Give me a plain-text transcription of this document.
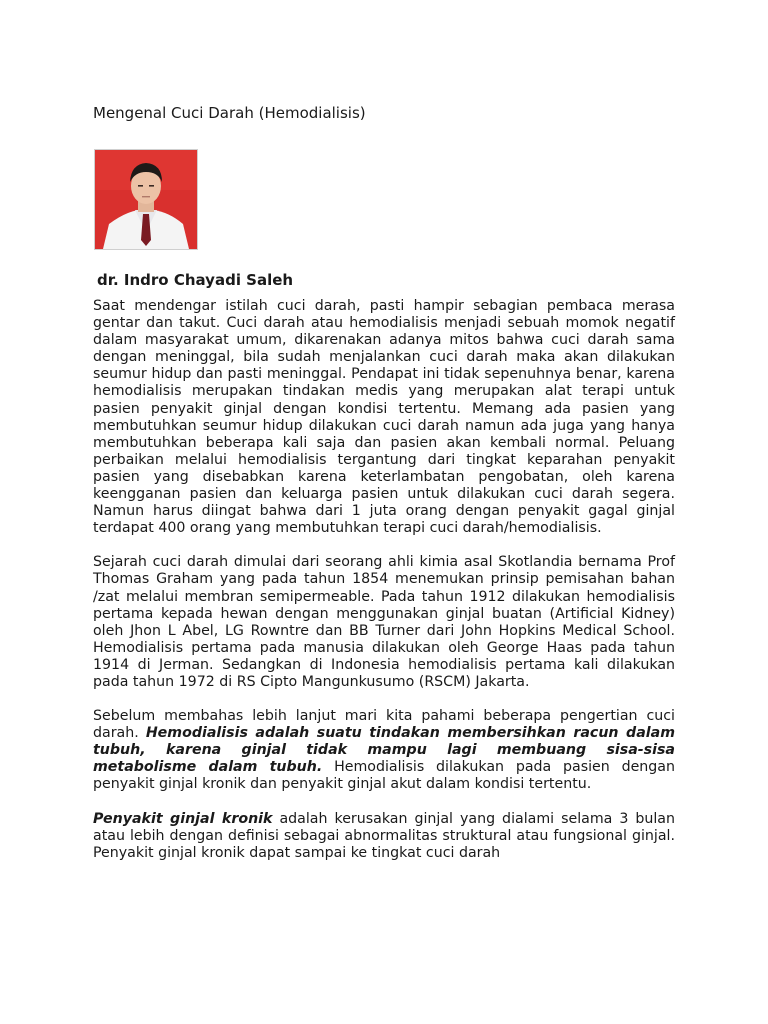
Mengenal Cuci Darah (Hemodialisis)

dr. Indro Chayadi Saleh

Saat mendengar istilah cuci darah, pasti hampir sebagian pembaca merasa gentar dan takut. Cuci darah atau hemodialisis menjadi sebuah momok negatif dalam masyarakat umum, dikarenakan adanya mitos bahwa cuci darah sama dengan meninggal, bila sudah menjalankan cuci darah maka akan dilakukan seumur hidup dan pasti meninggal. Pendapat ini tidak sepenuhnya benar, karena hemodialisis merupakan tindakan medis yang merupakan alat terapi untuk pasien penyakit ginjal dengan kondisi tertentu. Memang ada pasien yang membutuhkan seumur hidup dilakukan cuci darah namun ada juga yang hanya membutuhkan beberapa kali saja dan pasien akan kembali normal. Peluang perbaikan melalui hemodialisis tergantung dari tingkat keparahan penyakit pasien yang disebabkan karena keterlambatan pengobatan, oleh karena keengganan pasien dan keluarga pasien untuk dilakukan cuci darah segera. Namun harus diingat bahwa dari 1 juta orang dengan penyakit gagal ginjal terdapat 400 orang yang membutuhkan terapi cuci darah/hemodialisis.

Sejarah cuci darah dimulai dari seorang ahli kimia asal Skotlandia bernama Prof Thomas Graham yang pada tahun 1854 menemukan prinsip pemisahan bahan /zat melalui membran semipermeable. Pada tahun 1912 dilakukan hemodialisis pertama kepada hewan dengan menggunakan ginjal buatan (Artificial Kidney) oleh Jhon L Abel, LG Rowntre dan BB Turner dari John Hopkins Medical School. Hemodialisis pertama pada manusia dilakukan oleh George Haas pada tahun 1914 di Jerman. Sedangkan di Indonesia hemodialisis pertama kali dilakukan pada tahun 1972 di RS Cipto Mangunkusumo (RSCM) Jakarta.

Sebelum membahas lebih lanjut mari kita pahami beberapa pengertian cuci darah. Hemodialisis adalah suatu tindakan membersihkan racun dalam tubuh, karena ginjal tidak mampu lagi membuang sisa-sisa metabolisme dalam tubuh. Hemodialisis dilakukan pada pasien dengan penyakit ginjal kronik dan penyakit ginjal akut dalam kondisi tertentu.

Penyakit ginjal kronik adalah kerusakan ginjal yang dialami selama 3 bulan atau lebih dengan definisi sebagai abnormalitas struktural atau fungsional ginjal. Penyakit ginjal kronik dapat sampai ke tingkat cuci darah
